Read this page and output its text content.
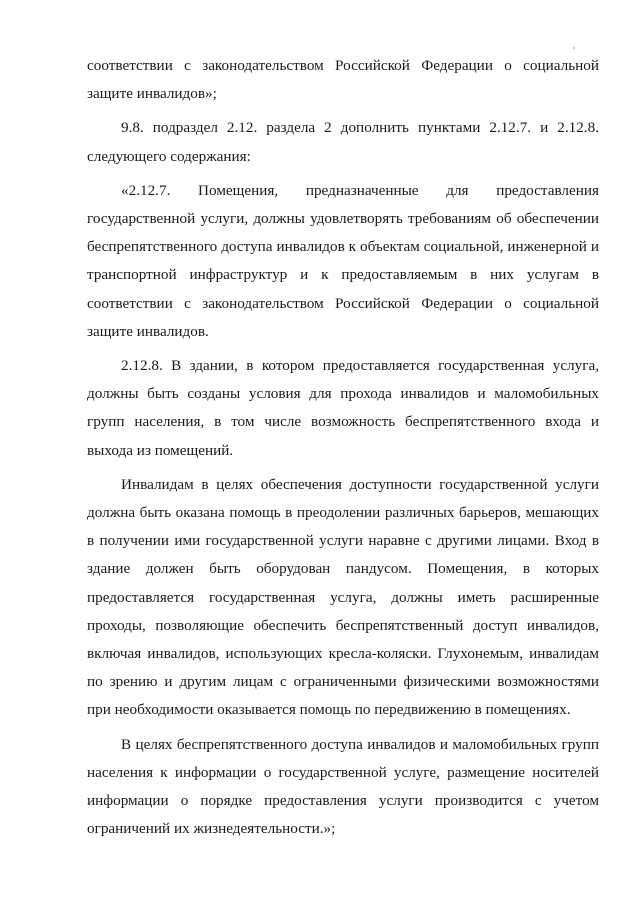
соответствии с законодательством Российской Федерации о социальной защите инвалидов»;

9.8. подраздел 2.12. раздела 2 дополнить пунктами 2.12.7. и 2.12.8. следующего содержания:

«2.12.7. Помещения, предназначенные для предоставления государственной услуги, должны удовлетворять требованиям об обеспечении беспрепятственного доступа инвалидов к объектам социальной, инженерной и транспортной инфраструктур и к предоставляемым в них услугам в соответствии с законодательством Российской Федерации о социальной защите инвалидов.

2.12.8. В здании, в котором предоставляется государственная услуга, должны быть созданы условия для прохода инвалидов и маломобильных групп населения, в том числе возможность беспрепятственного входа и выхода из помещений.

Инвалидам в целях обеспечения доступности государственной услуги должна быть оказана помощь в преодолении различных барьеров, мешающих в получении ими государственной услуги наравне с другими лицами. Вход в здание должен быть оборудован пандусом. Помещения, в которых предоставляется государственная услуга, должны иметь расширенные проходы, позволяющие обеспечить беспрепятственный доступ инвалидов, включая инвалидов, использующих кресла-коляски. Глухонемым, инвалидам по зрению и другим лицам с ограниченными физическими возможностями при необходимости оказывается помощь по передвижению в помещениях.

В целях беспрепятственного доступа инвалидов и маломобильных групп населения к информации о государственной услуге, размещение носителей информации о порядке предоставления услуги производится с учетом ограничений их жизнедеятельности.»;
